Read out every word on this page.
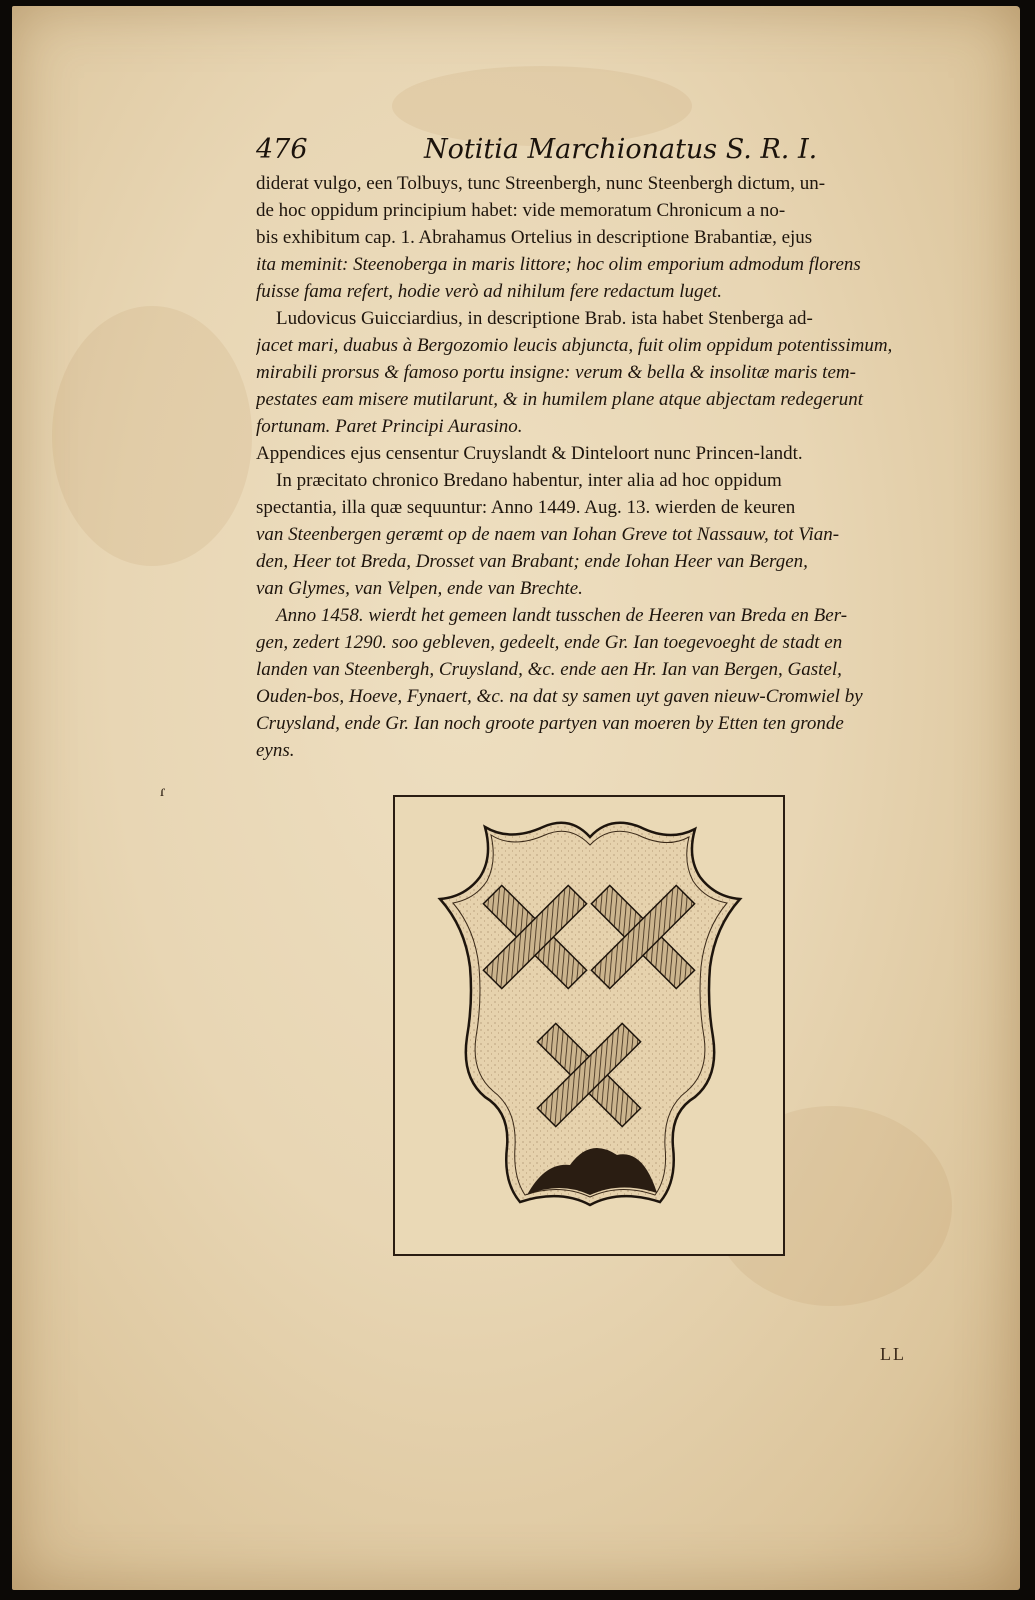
476	Notitia Marchionatus S. R. I.
diderat vulgo, een Tolbuys, tunc Streenbergh, nunc Steenbergh dictum, un-
de hoc oppidum principium habet: vide memoratum Chronicum a no-
bis exhibitum cap. 1. Abrahamus Ortelius in descriptione Brabantiæ, ejus
ita meminit: Steenoberga in maris littore; hoc olim emporium admodum florens
fuisse fama refert, hodie verò ad nihilum fere redactum luget.
Ludovicus Guicciardius, in descriptione Brab. ista habet Stenberga ad-
jacet mari, duabus à Bergozomio leucis abjuncta, fuit olim oppidum potentissimum,
mirabili prorsus & famoso portu insigne: verum & bella & insolitæ maris tem-
pestates eam misere mutilarunt, & in humilem plane atque abjectam redegerunt
fortunam. Paret Principi Aurasino.
Appendices ejus censentur Cruyslandt & Dinteloort nunc Princen-landt.
In præcitato chronico Bredano habentur, inter alia ad hoc oppidum
spectantia, illa quæ sequuntur: Anno 1449. Aug. 13. wierden de keuren
van Steenbergen geræmt op de naem van Iohan Greve tot Nassauw, tot Vian-
den, Heer tot Breda, Drosset van Brabant; ende Iohan Heer van Bergen,
van Glymes, van Velpen, ende van Brechte.
Anno 1458. wierdt het gemeen landt tusschen de Heeren van Breda en Ber-
gen, zedert 1290. soo gebleven, gedeelt, ende Gr. Ian toegevoeght de stadt en
landen van Steenbergh, Cruysland, &c. ende aen Hr. Ian van Bergen, Gastel,
Ouden-bos, Hoeve, Fynaert, &c. na dat sy samen uyt gaven nieuw-Cromwiel by
Cruysland, ende Gr. Ian noch groote partyen van moeren by Etten ten gronde
eyns.
ɾ
LL
